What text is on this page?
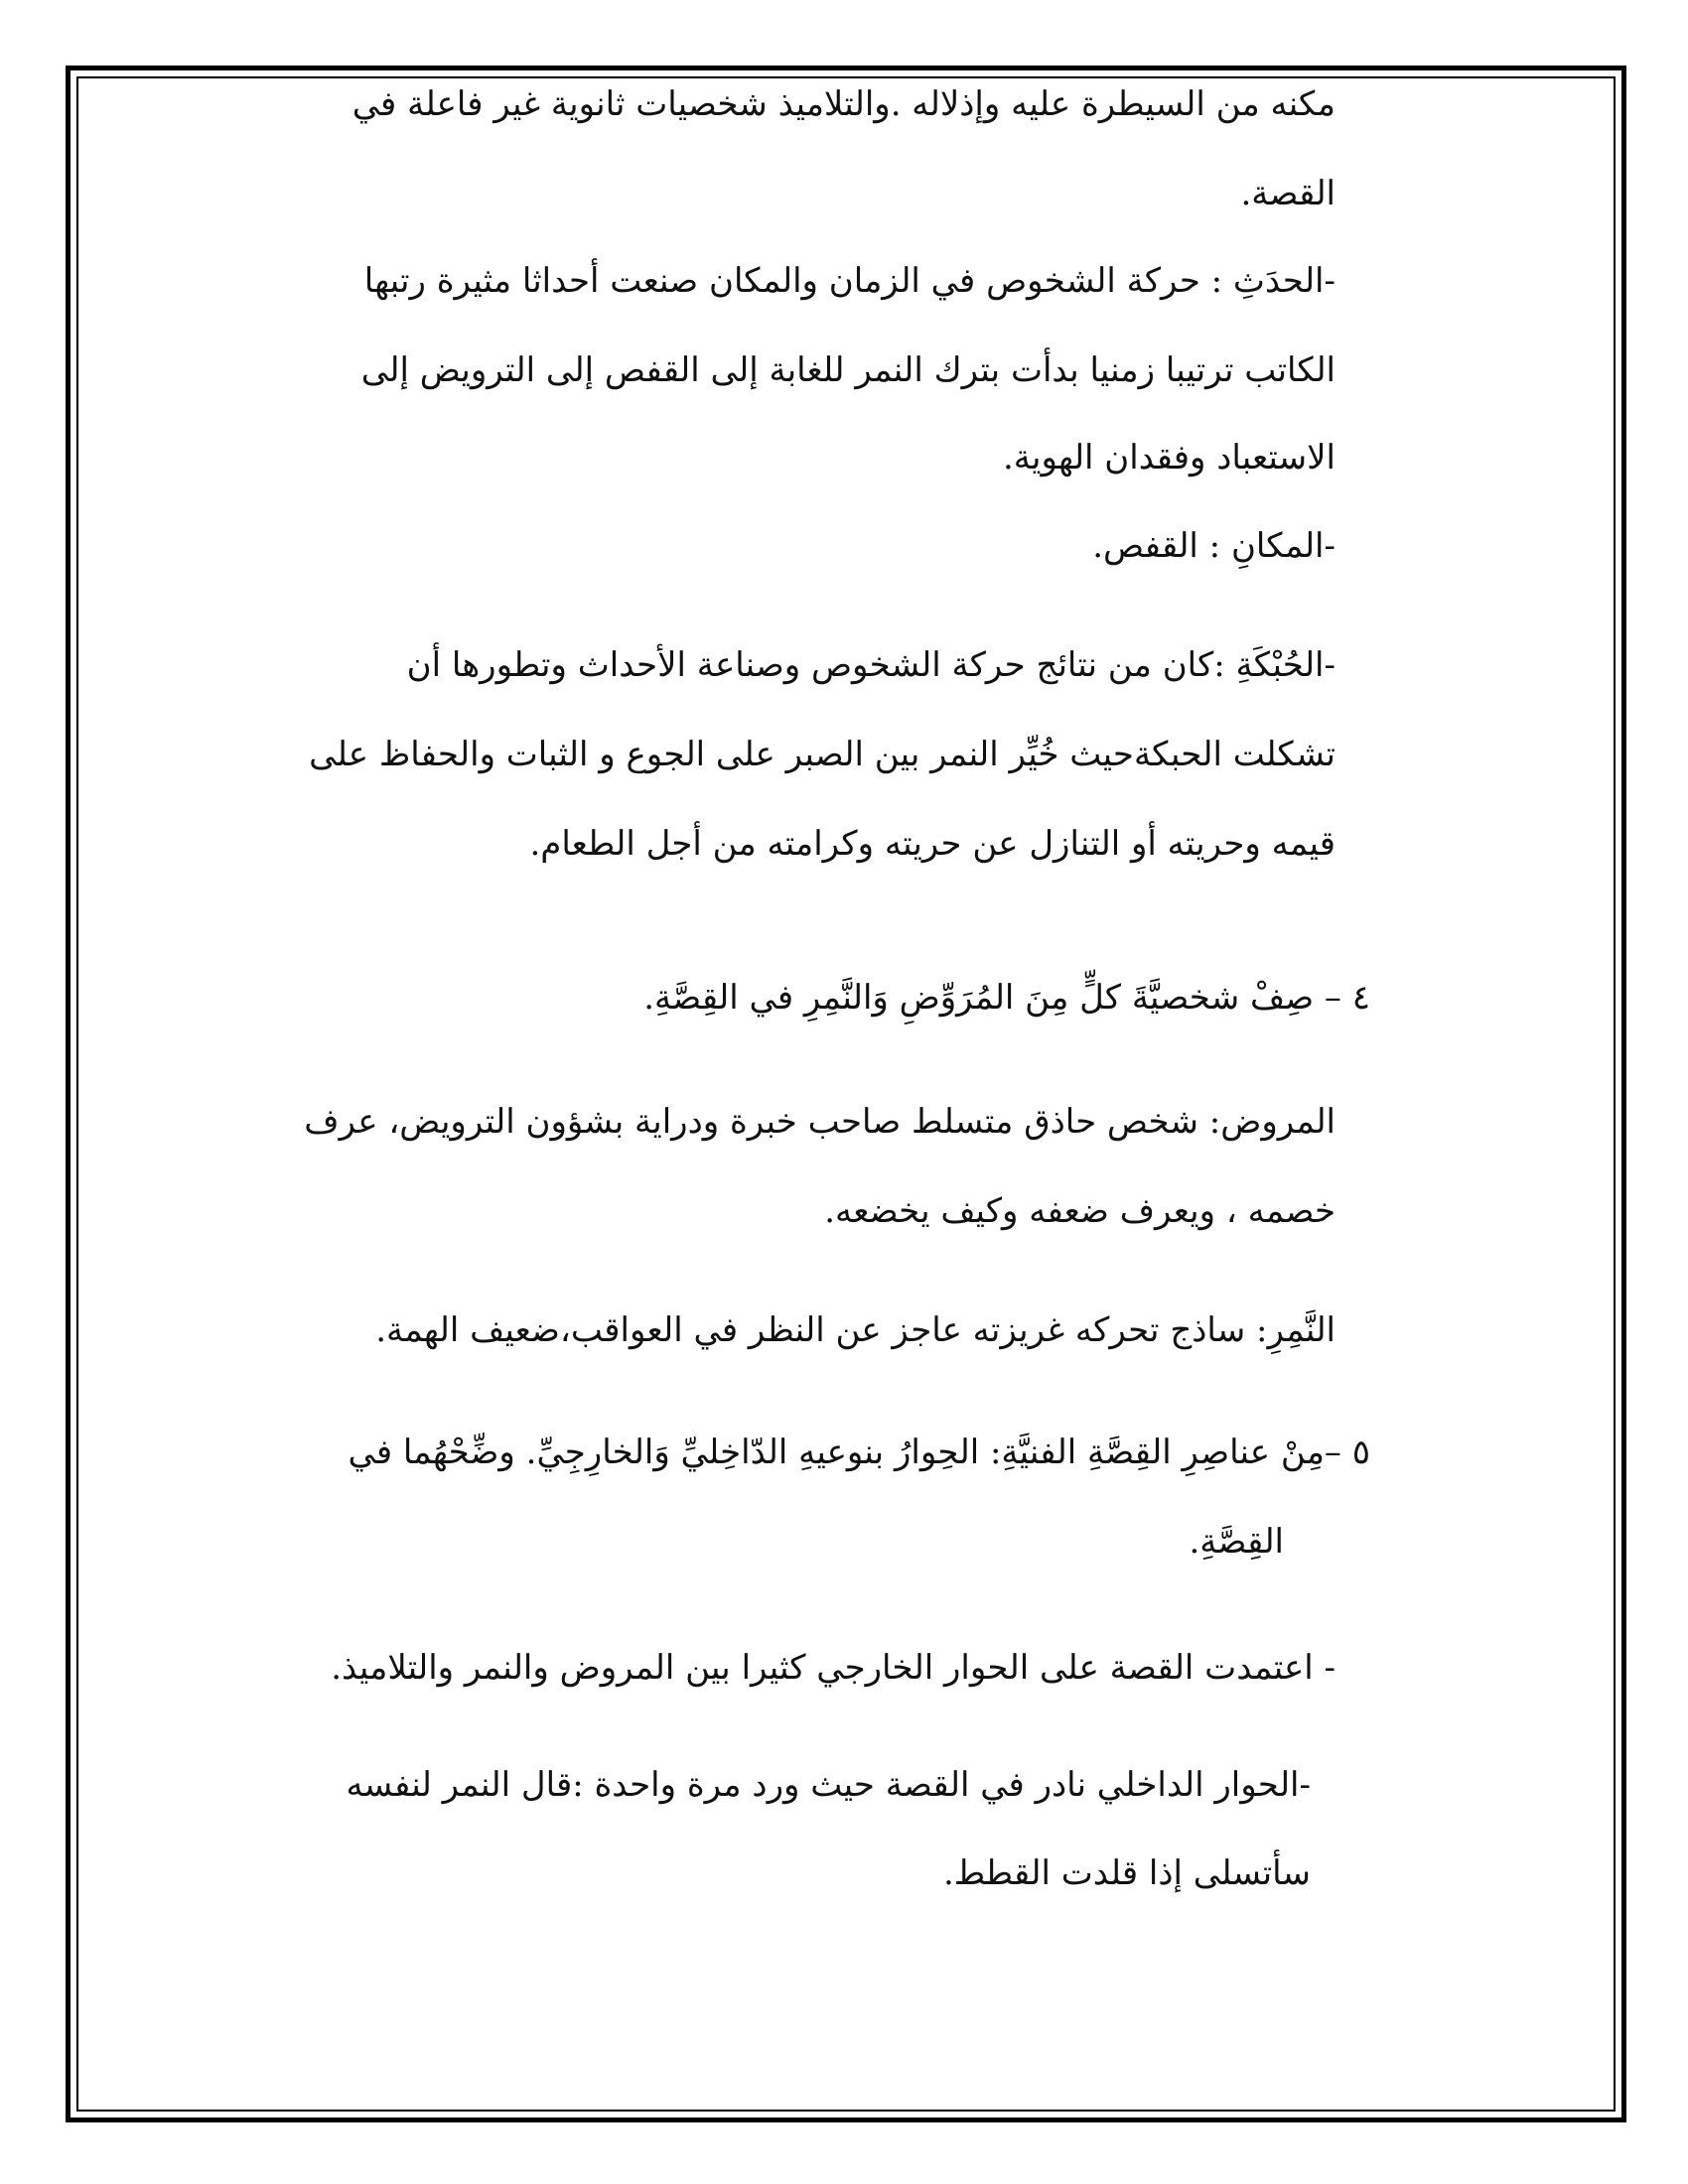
مكنه من السيطرة عليه وإذلاله .والتلاميذ شخصيات ثانوية غير فاعلة في
القصة.
-الحدَثِ : حركة الشخوص في الزمان والمكان صنعت أحداثا مثيرة رتبها
الكاتب ترتيبا زمنيا بدأت بترك النمر للغابة إلى القفص إلى الترويض إلى
الاستعباد وفقدان الهوية.
-المكانِ : القفص.
-الحُبْكَةِ :كان من نتائج حركة الشخوص وصناعة الأحداث وتطورها أن
تشكلت الحبكةحيث خُيِّر النمر بين الصبر على الجوع و الثبات والحفاظ على
قيمه وحريته أو التنازل عن حريته وكرامته من أجل الطعام.
٤ – صِفْ شخصيَّةَ كلٍّ مِنَ المُرَوِّضِ وَالنَّمِرِ في القِصَّةِ.
المروض: شخص حاذق متسلط صاحب خبرة ودراية بشؤون الترويض، عرف
خصمه ، ويعرف ضعفه وكيف يخضعه.
النَّمِرِ: ساذج تحركه غريزته عاجز عن النظر في العواقب،ضعيف الهمة.
٥ –مِنْ عناصِرِ القِصَّةِ الفنيَّةِ: الحِوارُ بنوعيهِ الدّاخِليِّ وَالخارِجِيِّ. وضِّحْهُما في
القِصَّةِ.
- اعتمدت القصة على الحوار الخارجي كثيرا بين المروض والنمر والتلاميذ.
-الحوار الداخلي نادر في القصة حيث ورد مرة واحدة :قال النمر لنفسه
سأتسلى إذا قلدت القطط.
